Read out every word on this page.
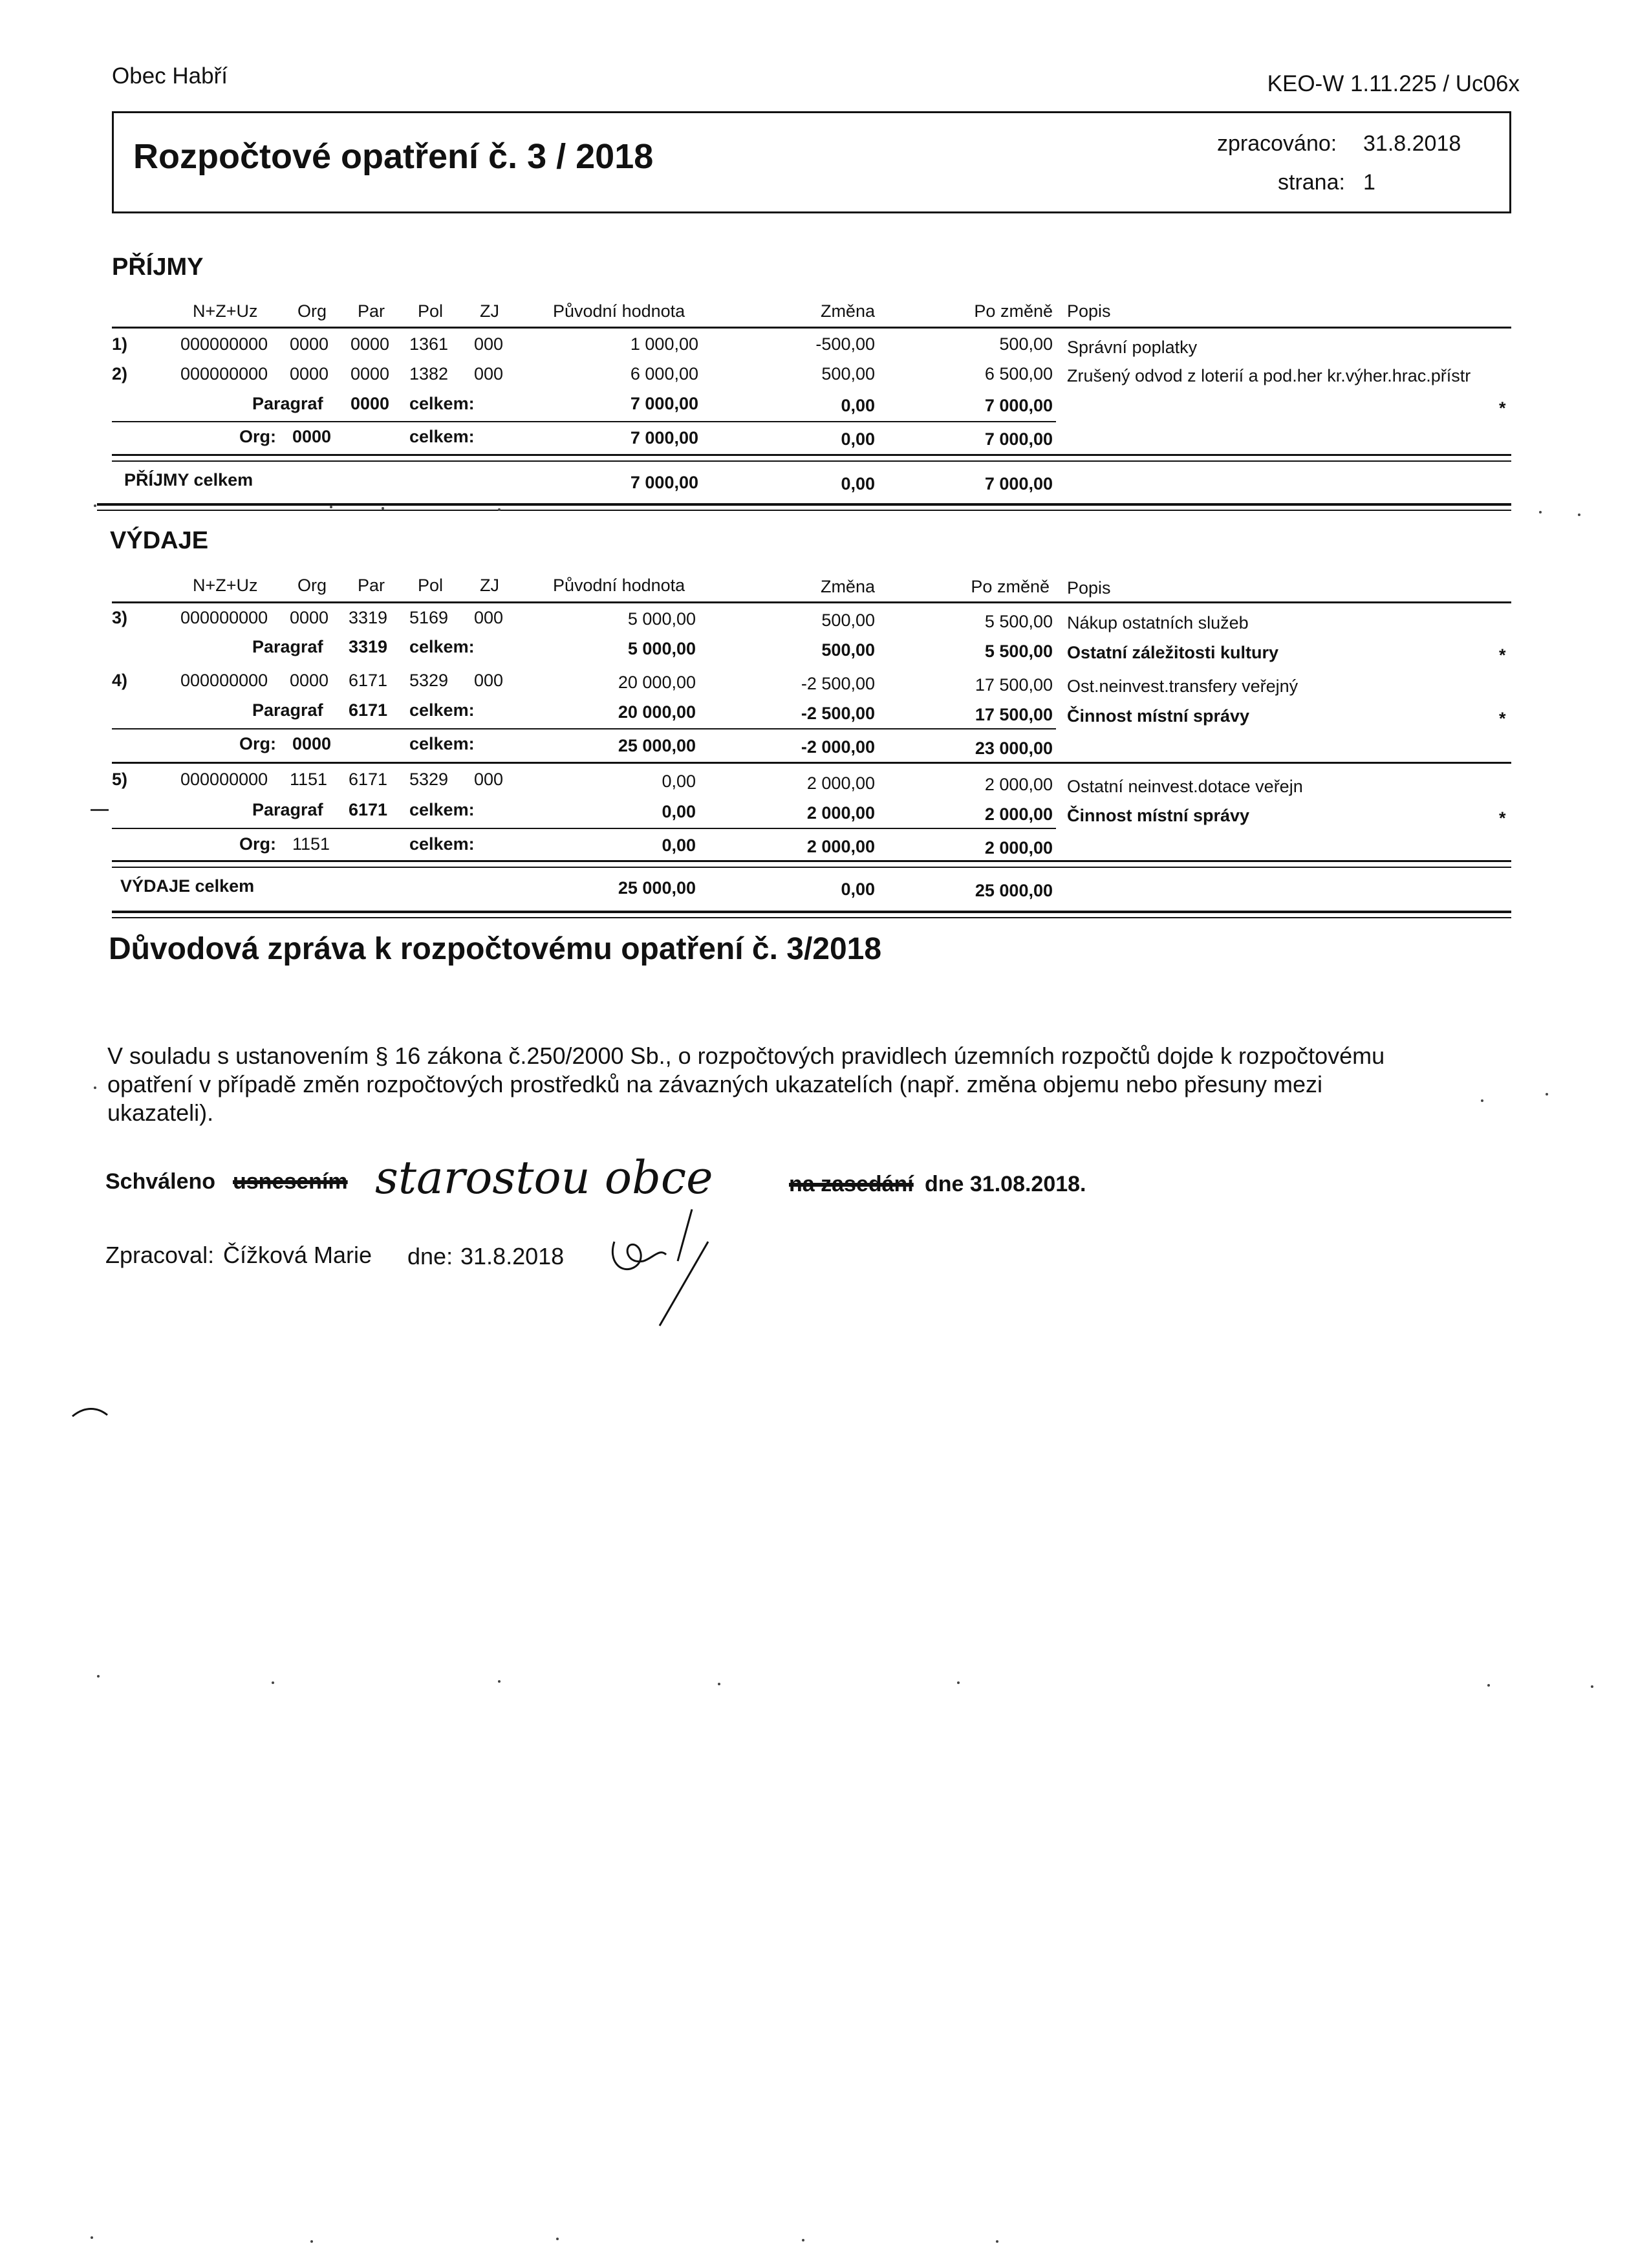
Obec Habří	KEO-W 1.11.225 / Uc06x
Rozpočtové opatření č. 3 / 2018	zpracováno: 31.8.2018
strana: 1
PŘÍJMY
N+Z+Uz Org Par Pol ZJ	Původní hodnota	Změna	Po změně Popis
1)	000000000 0000 0000 1361 000	1 000,00	-500,00	500,00 Správní poplatky
2)	000000000 0000 0000 1382 000	6 000,00	500,00	6 500,00 Zrušený odvod z loterií a pod.her kr.výher.hrac.přístr
Paragraf 0000 celkem:	7 000,00	0,00	7 000,00	*
Org: 0000	celkem:	7 000,00	0,00	7 000,00
PŘÍJMY celkem	7 000,00	0,00	7 000,00
VÝDAJE
N+Z+Uz Org Par Pol ZJ	Původní hodnota	Změna	Po změně Popis
3)	000000000 0000 3319 5169 000	5 000,00	500,00	5 500,00 Nákup ostatních služeb
Paragraf 3319 celkem:	5 000,00	500,00	5 500,00 Ostatní záležitosti kultury	*
4)	000000000 0000 6171 5329 000	20 000,00	-2 500,00	17 500,00 Ost.neinvest.transfery veřejný
Paragraf 6171 celkem:	20 000,00	-2 500,00	17 500,00 Činnost místní správy	*
Org: 0000	celkem:	25 000,00	-2 000,00	23 000,00
5)	000000000 1151 6171 5329 000	0,00	2 000,00	2 000,00 Ostatní neinvest.dotace veřejn
Paragraf 6171 celkem:	0,00	2 000,00	2 000,00 Činnost místní správy	*
Org: 1151	celkem:	0,00	2 000,00	2 000,00
VÝDAJE celkem	25 000,00	0,00	25 000,00
Důvodová zpráva k rozpočtovému opatření č. 3/2018
V souladu s ustanovením § 16 zákona č.250/2000 Sb., o rozpočtových pravidlech územních rozpočtů dojde k rozpočtovému
opatření v případě změn rozpočtových prostředků na závazných ukazatelích (např. změna objemu nebo přesuny mezi
ukazateli).
Schváleno usnesením starostou obce	na zasedání dne 31.08.2018.
Zpracoval: Čížková Marie dne: 31.8.2018
